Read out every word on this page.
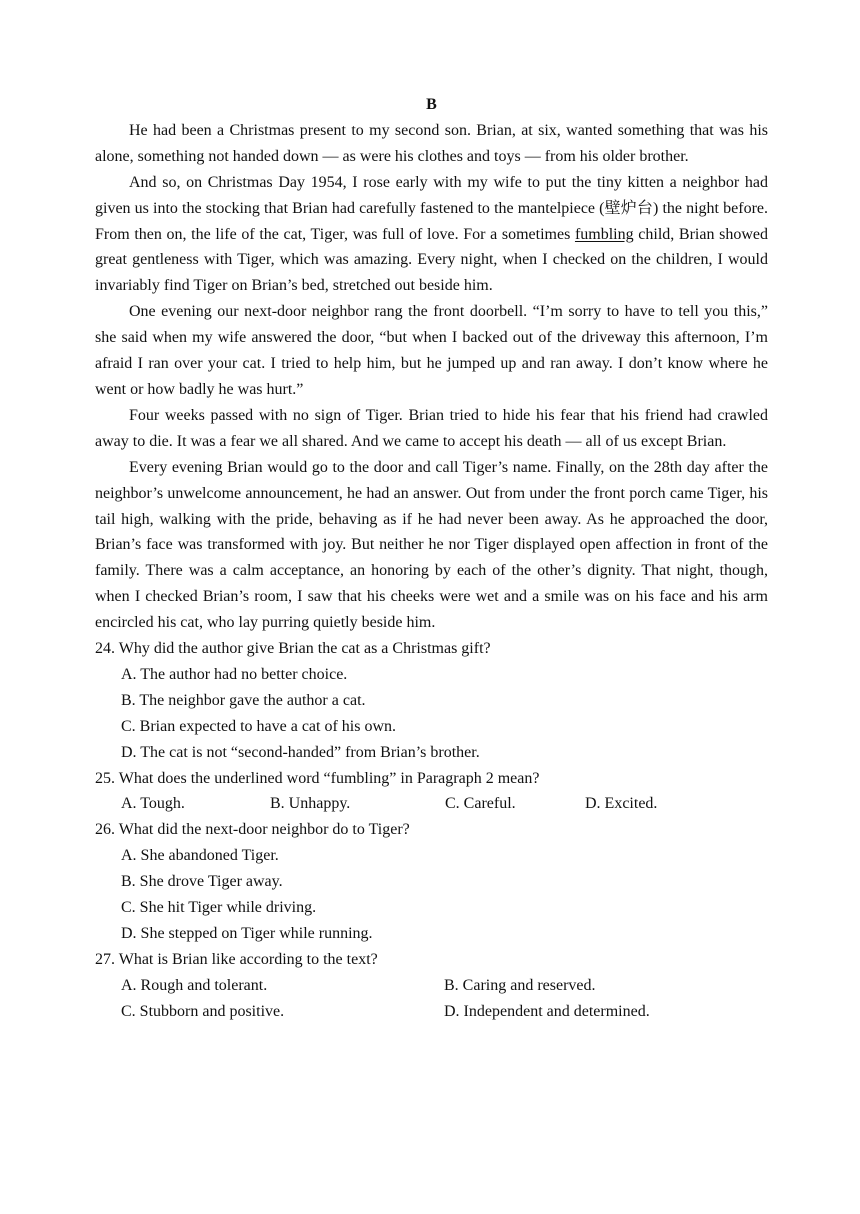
B

He had been a Christmas present to my second son. Brian, at six, wanted something that was his alone, something not handed down — as were his clothes and toys — from his older brother.

And so, on Christmas Day 1954, I rose early with my wife to put the tiny kitten a neighbor had given us into the stocking that Brian had carefully fastened to the mantelpiece (壁炉台) the night before. From then on, the life of the cat, Tiger, was full of love. For a sometimes fumbling child, Brian showed great gentleness with Tiger, which was amazing. Every night, when I checked on the children, I would invariably find Tiger on Brian’s bed, stretched out beside him.

One evening our next-door neighbor rang the front doorbell. “I’m sorry to have to tell you this,” she said when my wife answered the door, “but when I backed out of the driveway this afternoon, I’m afraid I ran over your cat. I tried to help him, but he jumped up and ran away. I don’t know where he went or how badly he was hurt.”

Four weeks passed with no sign of Tiger. Brian tried to hide his fear that his friend had crawled away to die. It was a fear we all shared. And we came to accept his death — all of us except Brian.

Every evening Brian would go to the door and call Tiger’s name. Finally, on the 28th day after the neighbor’s unwelcome announcement, he had an answer. Out from under the front porch came Tiger, his tail high, walking with the pride, behaving as if he had never been away. As he approached the door, Brian’s face was transformed with joy. But neither he nor Tiger displayed open affection in front of the family. There was a calm acceptance, an honoring by each of the other’s dignity. That night, though, when I checked Brian’s room, I saw that his cheeks were wet and a smile was on his face and his arm encircled his cat, who lay purring quietly beside him.

24. Why did the author give Brian the cat as a Christmas gift?

A. The author had no better choice.

B. The neighbor gave the author a cat.

C. Brian expected to have a cat of his own.

D. The cat is not “second-handed” from Brian’s brother.

25. What does the underlined word “fumbling” in Paragraph 2 mean?

A. Tough.	B. Unhappy.	C. Careful.	D. Excited.

26. What did the next-door neighbor do to Tiger?

A. She abandoned Tiger.

B. She drove Tiger away.

C. She hit Tiger while driving.

D. She stepped on Tiger while running.

27. What is Brian like according to the text?

A. Rough and tolerant.	B. Caring and reserved.
C. Stubborn and positive.	D. Independent and determined.
